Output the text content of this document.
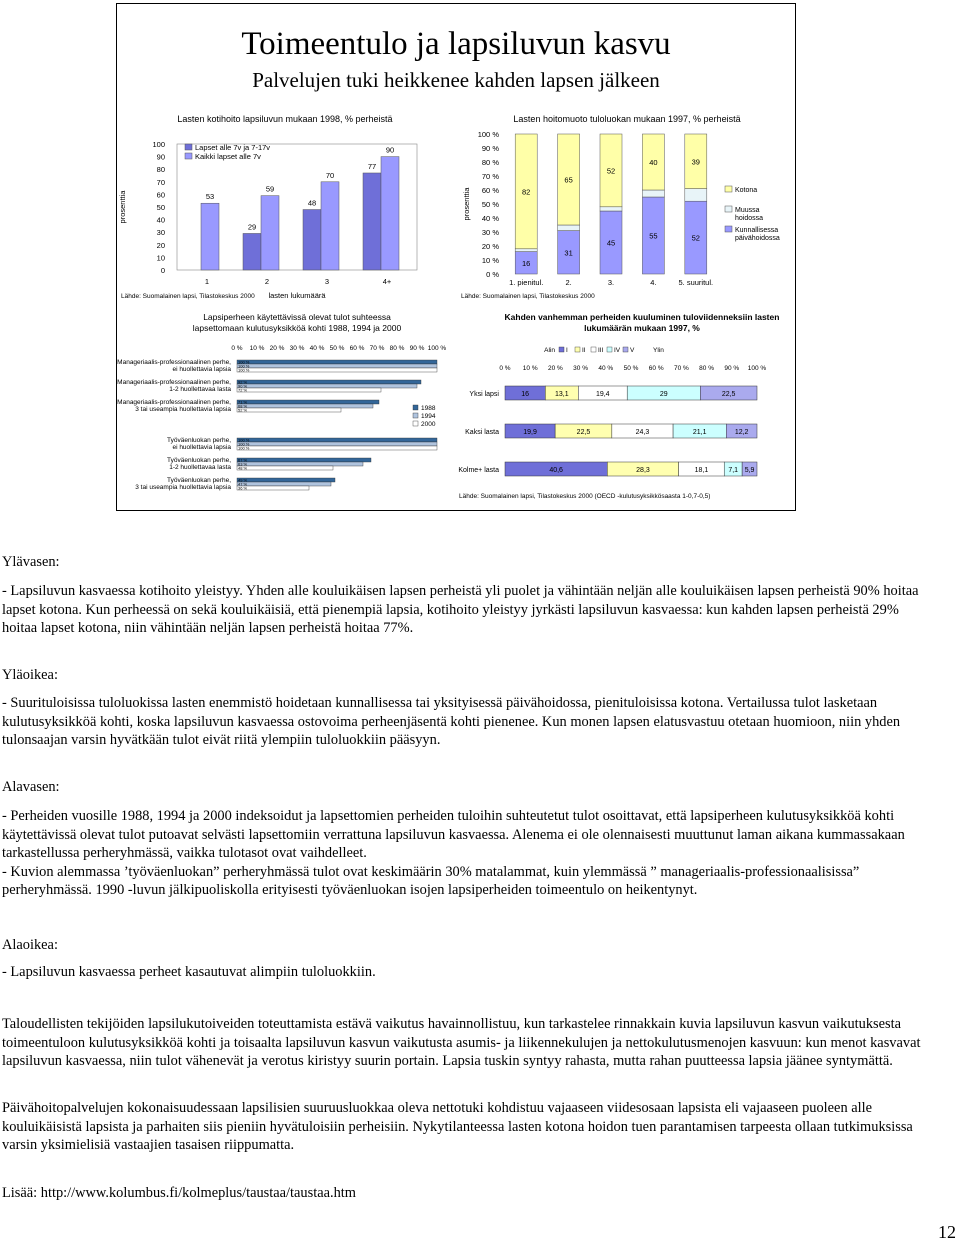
Toimeentulo ja lapsiluvun kasvu
Palvelujen tuki heikkenee kahden lapsen jälkeen
Lasten kotihoito lapsiluvun mukaan 1998, % perheistä
0
10
20
30
40
50
60
70
80
90
100
prosenttia
1
53
2
29
59
3
48
70
4+
77
90
lasten lukumäärä
Lapset alle 7v ja 7-17v
Kaikki lapset alle 7v
Lähde: Suomalainen lapsi, Tilastokeskus 2000
Lasten hoitomuoto tuloluokan mukaan 1997, % perheistä
0 %
10 %
20 %
30 %
40 %
50 %
60 %
70 %
80 %
90 %
100 %
prosenttia
16
82
1. pienitul.
31
65
2.
45
52
3.
55
40
4.
52
39
5. suuritul.
Kotona
Muussa
hoidossa
Kunnallisessa
päivähoidossa
Lähde: Suomalainen lapsi, Tilastokeskus 2000
Lapsiperheen käytettävissä olevat tulot suhteessa lapsettomaan kulutusyksikköä kohti 1988, 1994 ja 2000
0 % 10 % 20 % 30 % 40 % 50 % 60 % 70 % 80 % 90 % 100 %
Manageriaalis-professionaalinen perhe,
ei huollettavia lapsia
100 %
100 %
100 %
Manageriaalis-professionaalinen perhe,
1-2 huollettavaa lasta
92 %
90 %
72 %
Manageriaalis-professionaalinen perhe,
3 tai useampia huollettavia lapsia
71 %
68 %
52 %
Työväenluokan perhe,
ei huollettavia lapsia
100 %
100 %
100 %
Työväenluokan perhe,
1-2 huollettavaa lasta
67 %
63 %
48 %
Työväenluokan perhe,
3 tai useampia huollettavia lapsia
49 %
47 %
36 %
1988
1994
2000
Kahden vanhemman perheiden kuuluminen tuloviidenneksiin lasten lukumäärän mukaan 1997, %
Alin I II III IV V	Ylin
0 % 10 % 20 % 30 % 40 % 50 % 60 % 70 % 80 % 90 % 100 %
Yksi lapsi	16	13,1	19,4	29	22,5
Kaksi lasta	19,9	22,5	24,3	21,1	12,2
Kolme+ lasta	40,6	28,3	18,1	7,1 5,9
Lähde: Suomalainen lapsi, Tilastokeskus 2000 (OECD -kulutusyksikkösaasta 1-0,7-0,5)
Ylävasen:

- Lapsiluvun kasvaessa kotihoito yleistyy. Yhden alle kouluikäisen lapsen perheistä yli puolet ja vähintään neljän alle kouluikäisen lapsen perheistä 90% hoitaa lapset kotona. Kun perheessä on sekä kouluikäisiä, että pienempiä lapsia, kotihoito yleistyy jyrkästi lapsiluvun kasvaessa: kun kahden lapsen perheistä 29% hoitaa lapset kotona, niin vähintään neljän lapsen perheistä hoitaa 77%.

Yläoikea:

- Suurituloisissa tuloluokissa lasten enemmistö hoidetaan kunnallisessa tai yksityisessä päivähoidossa, pienituloisissa kotona. Vertailussa tulot lasketaan kulutusyksikköä kohti, koska lapsiluvun kasvaessa ostovoima perheenjäsentä kohti pienenee. Kun monen lapsen elatusvastuu otetaan huomioon, niin yhden tulonsaajan varsin hyvätkään tulot eivät riitä ylempiin tuloluokkiin pääsyyn.

Alavasen:

- Perheiden vuosille 1988, 1994 ja 2000 indeksoidut ja lapsettomien perheiden tuloihin suhteutetut tulot osoittavat, että lapsiperheen kulutusyksikköä kohti käytettävissä olevat tulot putoavat selvästi lapsettomiin verrattuna lapsiluvun kasvaessa. Alenema ei ole olennaisesti muuttunut laman aikana kummassakaan tarkastellussa perheryhmässä, vaikka tulotasot ovat vaihdelleet.

- Kuvion alemmassa ’työväenluokan” perheryhmässä tulot ovat keskimäärin 30% matalammat, kuin ylemmässä ” manageriaalis-professionaalisissa” perheryhmässä. 1990 -luvun jälkipuoliskolla erityisesti työväenluokan isojen lapsiperheiden toimeentulo on heikentynyt.

Alaoikea:

- Lapsiluvun kasvaessa perheet kasautuvat alimpiin tuloluokkiin.

Taloudellisten tekijöiden lapsilukutoiveiden toteuttamista estävä vaikutus havainnollistuu, kun tarkastelee rinnakkain kuvia lapsiluvun kasvun vaikutuksesta toimeentuloon kulutusyksikköä kohti ja toisaalta lapsiluvun kasvun vaikutusta asumis- ja liikennekulujen ja nettokulutusmenojen kasvuun: kun menot kasvavat lapsiluvun kasvaessa, niin tulot vähenevät ja verotus kiristyy suurin portain. Lapsia tuskin syntyy rahasta, mutta rahan puutteessa lapsia jääneе syntymättä.

Päivähoitopalvelujen kokonaisuudessaan lapsilisien suuruusluokkaa oleva nettotuki kohdistuu vajaaseen viidesosaan lapsista eli vajaaseen puoleen alle kouluikäisistä lapsista ja parhaiten siis pieniin hyvätuloisiin perheisiin. Nykytilanteessa lasten kotona hoidon tuen parantamisen tarpeesta ollaan tutkimuksissa varsin yksimielisiä vastaajien tasaisen riippumatta.

Lisää: http://www.kolumbus.fi/kolmeplus/taustaa/taustaa.htm

12
